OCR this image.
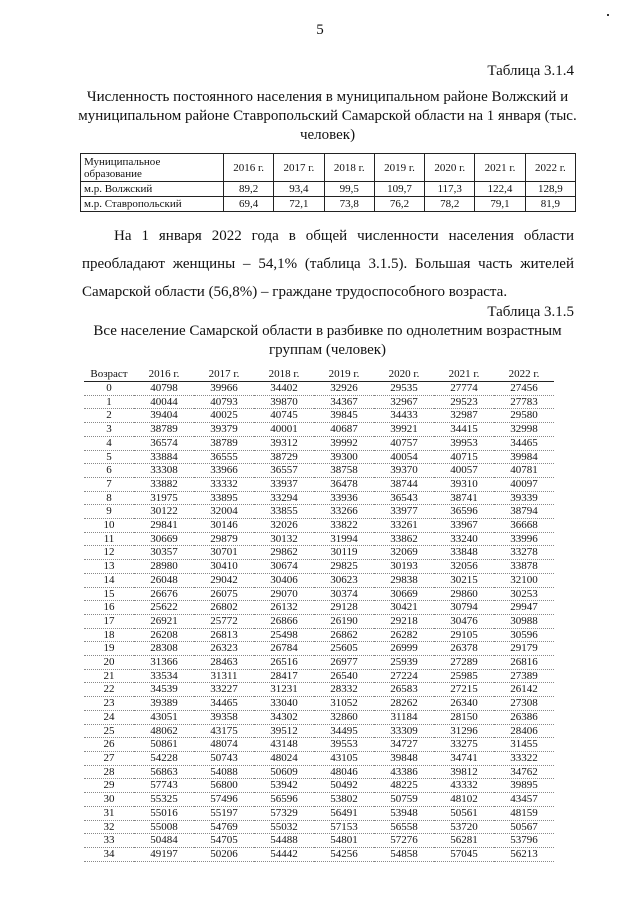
5
Таблица 3.1.4
Численность постоянного населения в муниципальном районе Волжский и муниципальном районе Ставропольский Самарской области на 1 января (тыс. человек)
Муниципальное образование	2016 г.	2017 г.	2018 г.	2019 г.	2020 г.	2021 г.	2022 г.
м.р. Волжский	89,2	93,4	99,5	109,7	117,3	122,4	128,9
м.р. Ставропольский	69,4	72,1	73,8	76,2	78,2	79,1	81,9
На 1 января 2022 года в общей численности населения области преобладают женщины – 54,1% (таблица 3.1.5). Большая часть жителей Самарской области (56,8%) – граждане трудоспособного возраста.
Таблица 3.1.5
Все население Самарской области в разбивке по однолетним возрастным группам (человек)
Возраст	2016 г.	2017 г.	2018 г.	2019 г.	2020 г.	2021 г.	2022 г.
0	40798	39966	34402	32926	29535	27774	27456
1	40044	40793	39870	34367	32967	29523	27783
2	39404	40025	40745	39845	34433	32987	29580
3	38789	39379	40001	40687	39921	34415	32998
4	36574	38789	39312	39992	40757	39953	34465
5	33884	36555	38729	39300	40054	40715	39984
6	33308	33966	36557	38758	39370	40057	40781
7	33882	33332	33937	36478	38744	39310	40097
8	31975	33895	33294	33936	36543	38741	39339
9	30122	32004	33855	33266	33977	36596	38794
10	29841	30146	32026	33822	33261	33967	36668
11	30669	29879	30132	31994	33862	33240	33996
12	30357	30701	29862	30119	32069	33848	33278
13	28980	30410	30674	29825	30193	32056	33878
14	26048	29042	30406	30623	29838	30215	32100
15	26676	26075	29070	30374	30669	29860	30253
16	25622	26802	26132	29128	30421	30794	29947
17	26921	25772	26866	26190	29218	30476	30988
18	26208	26813	25498	26862	26282	29105	30596
19	28308	26323	26784	25605	26999	26378	29179
20	31366	28463	26516	26977	25939	27289	26816
21	33534	31311	28417	26540	27224	25985	27389
22	34539	33227	31231	28332	26583	27215	26142
23	39389	34465	33040	31052	28262	26340	27308
24	43051	39358	34302	32860	31184	28150	26386
25	48062	43175	39512	34495	33309	31296	28406
26	50861	48074	43148	39553	34727	33275	31455
27	54228	50743	48024	43105	39848	34741	33322
28	56863	54088	50609	48046	43386	39812	34762
29	57743	56800	53942	50492	48225	43332	39895
30	55325	57496	56596	53802	50759	48102	43457
31	55016	55197	57329	56491	53948	50561	48159
32	55008	54769	55032	57153	56558	53720	50567
33	50484	54705	54488	54801	57276	56281	53796
34	49197	50206	54442	54256	54858	57045	56213
